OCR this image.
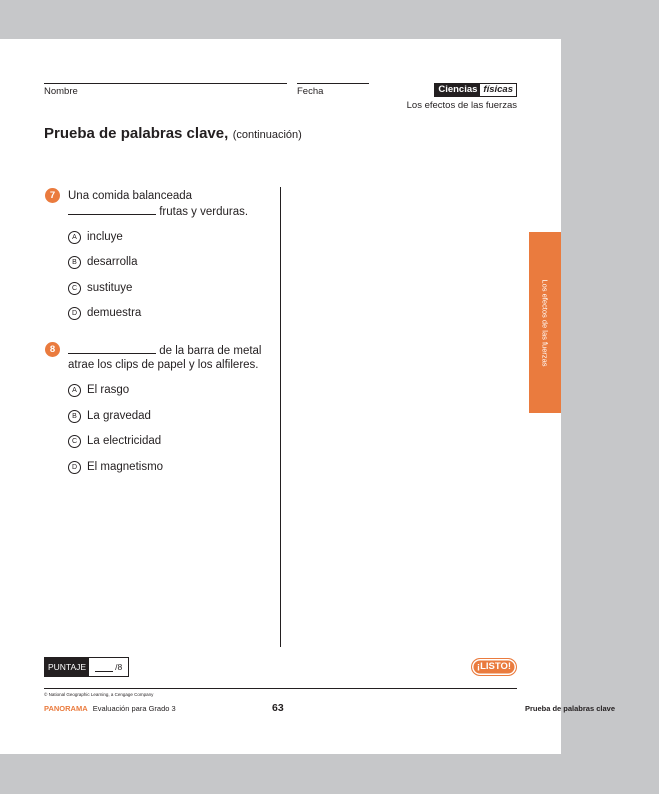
Nombre	Fecha	Ciencias físicas
Los efectos de las fuerzas
Prueba de palabras clave, (continuación)
7	Una comida balanceada
frutas y verduras.
A incluye
B desarrolla
C sustituye
D demuestra
8	de la barra de metal
atrae los clips de papel y los alfileres.
A El rasgo
B La gravedad
C La electricidad
D El magnetismo
Los efectos de las fuerzas
PUNTAJE	/8	¡LISTO!
© National Geographic Learning, a Cengage Company
PANORAMA Evaluación para Grado 3	63	Prueba de palabras clave
